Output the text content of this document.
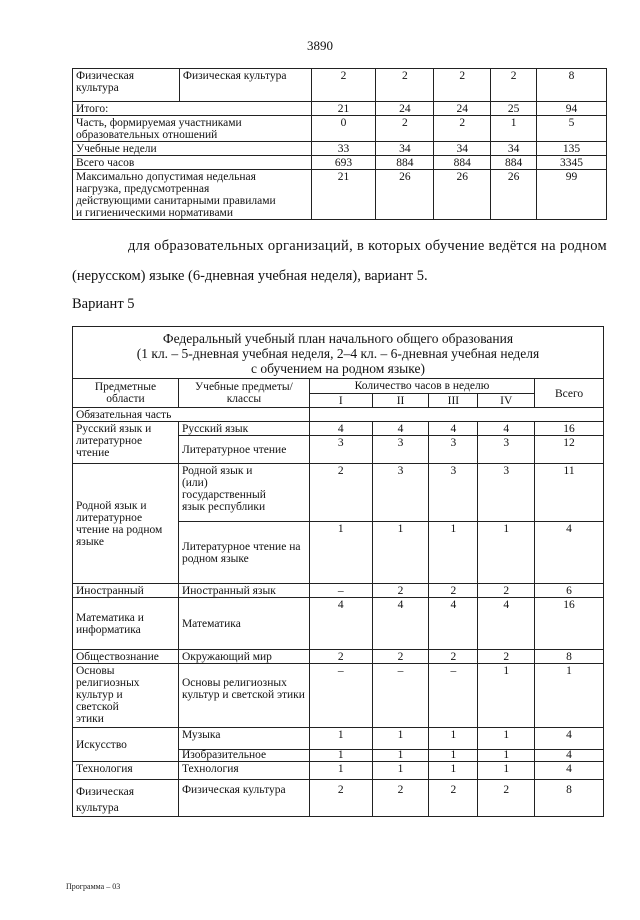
3890
Физическая культура	Физическая культура	2	2	2	2	8
Итого:		21	24	24	25	94
Часть, формируемая участниками образовательных отношений		0	2	2	1	5
Учебные недели		33	34	34	34	135
Всего часов		693	884	884	884	3345
Максимально допустимая недельная нагрузка, предусмотренная действующими санитарными правилами и гигиеническими нормативами		21	26	26	26	99
для образовательных организаций, в которых обучение ведётся на родном
(нерусском) языке (6-дневная учебная неделя), вариант 5.
Вариант 5
Федеральный учебный план начального общего образования
(1 кл. – 5-дневная учебная неделя, 2–4 кл. – 6-дневная учебная неделя
с обучением на родном языке)						

Предметные области	Учебные предметы/ классы	Количество часов в неделю				Всего
		I	II	III	IV	
Обязательная часть						
Русский язык и литературное чтение	Русский язык	4	4	4	4	16
	Литературное чтение	3	3	3	3	12
Родной язык и литературное чтение на родном языке	Родной язык и (или) государственный язык республики	2	3	3	3	11
	Литературное чтение на родном языке	1	1	1	1	4
Иностранный	Иностранный язык	–	2	2	2	6
Математика и информатика	Математика	4	4	4	4	16
Обществознание	Окружающий мир	2	2	2	2	8
Основы религиозных культур и светской этики	Основы религиозных культур и светской этики	–	–	–	1	1
Искусство	Музыка	1	1	1	1	4
	Изобразительное	1	1	1	1	4
Технология	Технология	1	1	1	1	4
Физическая культура	Физическая культура	2	2	2	2	8
Программа – 03
